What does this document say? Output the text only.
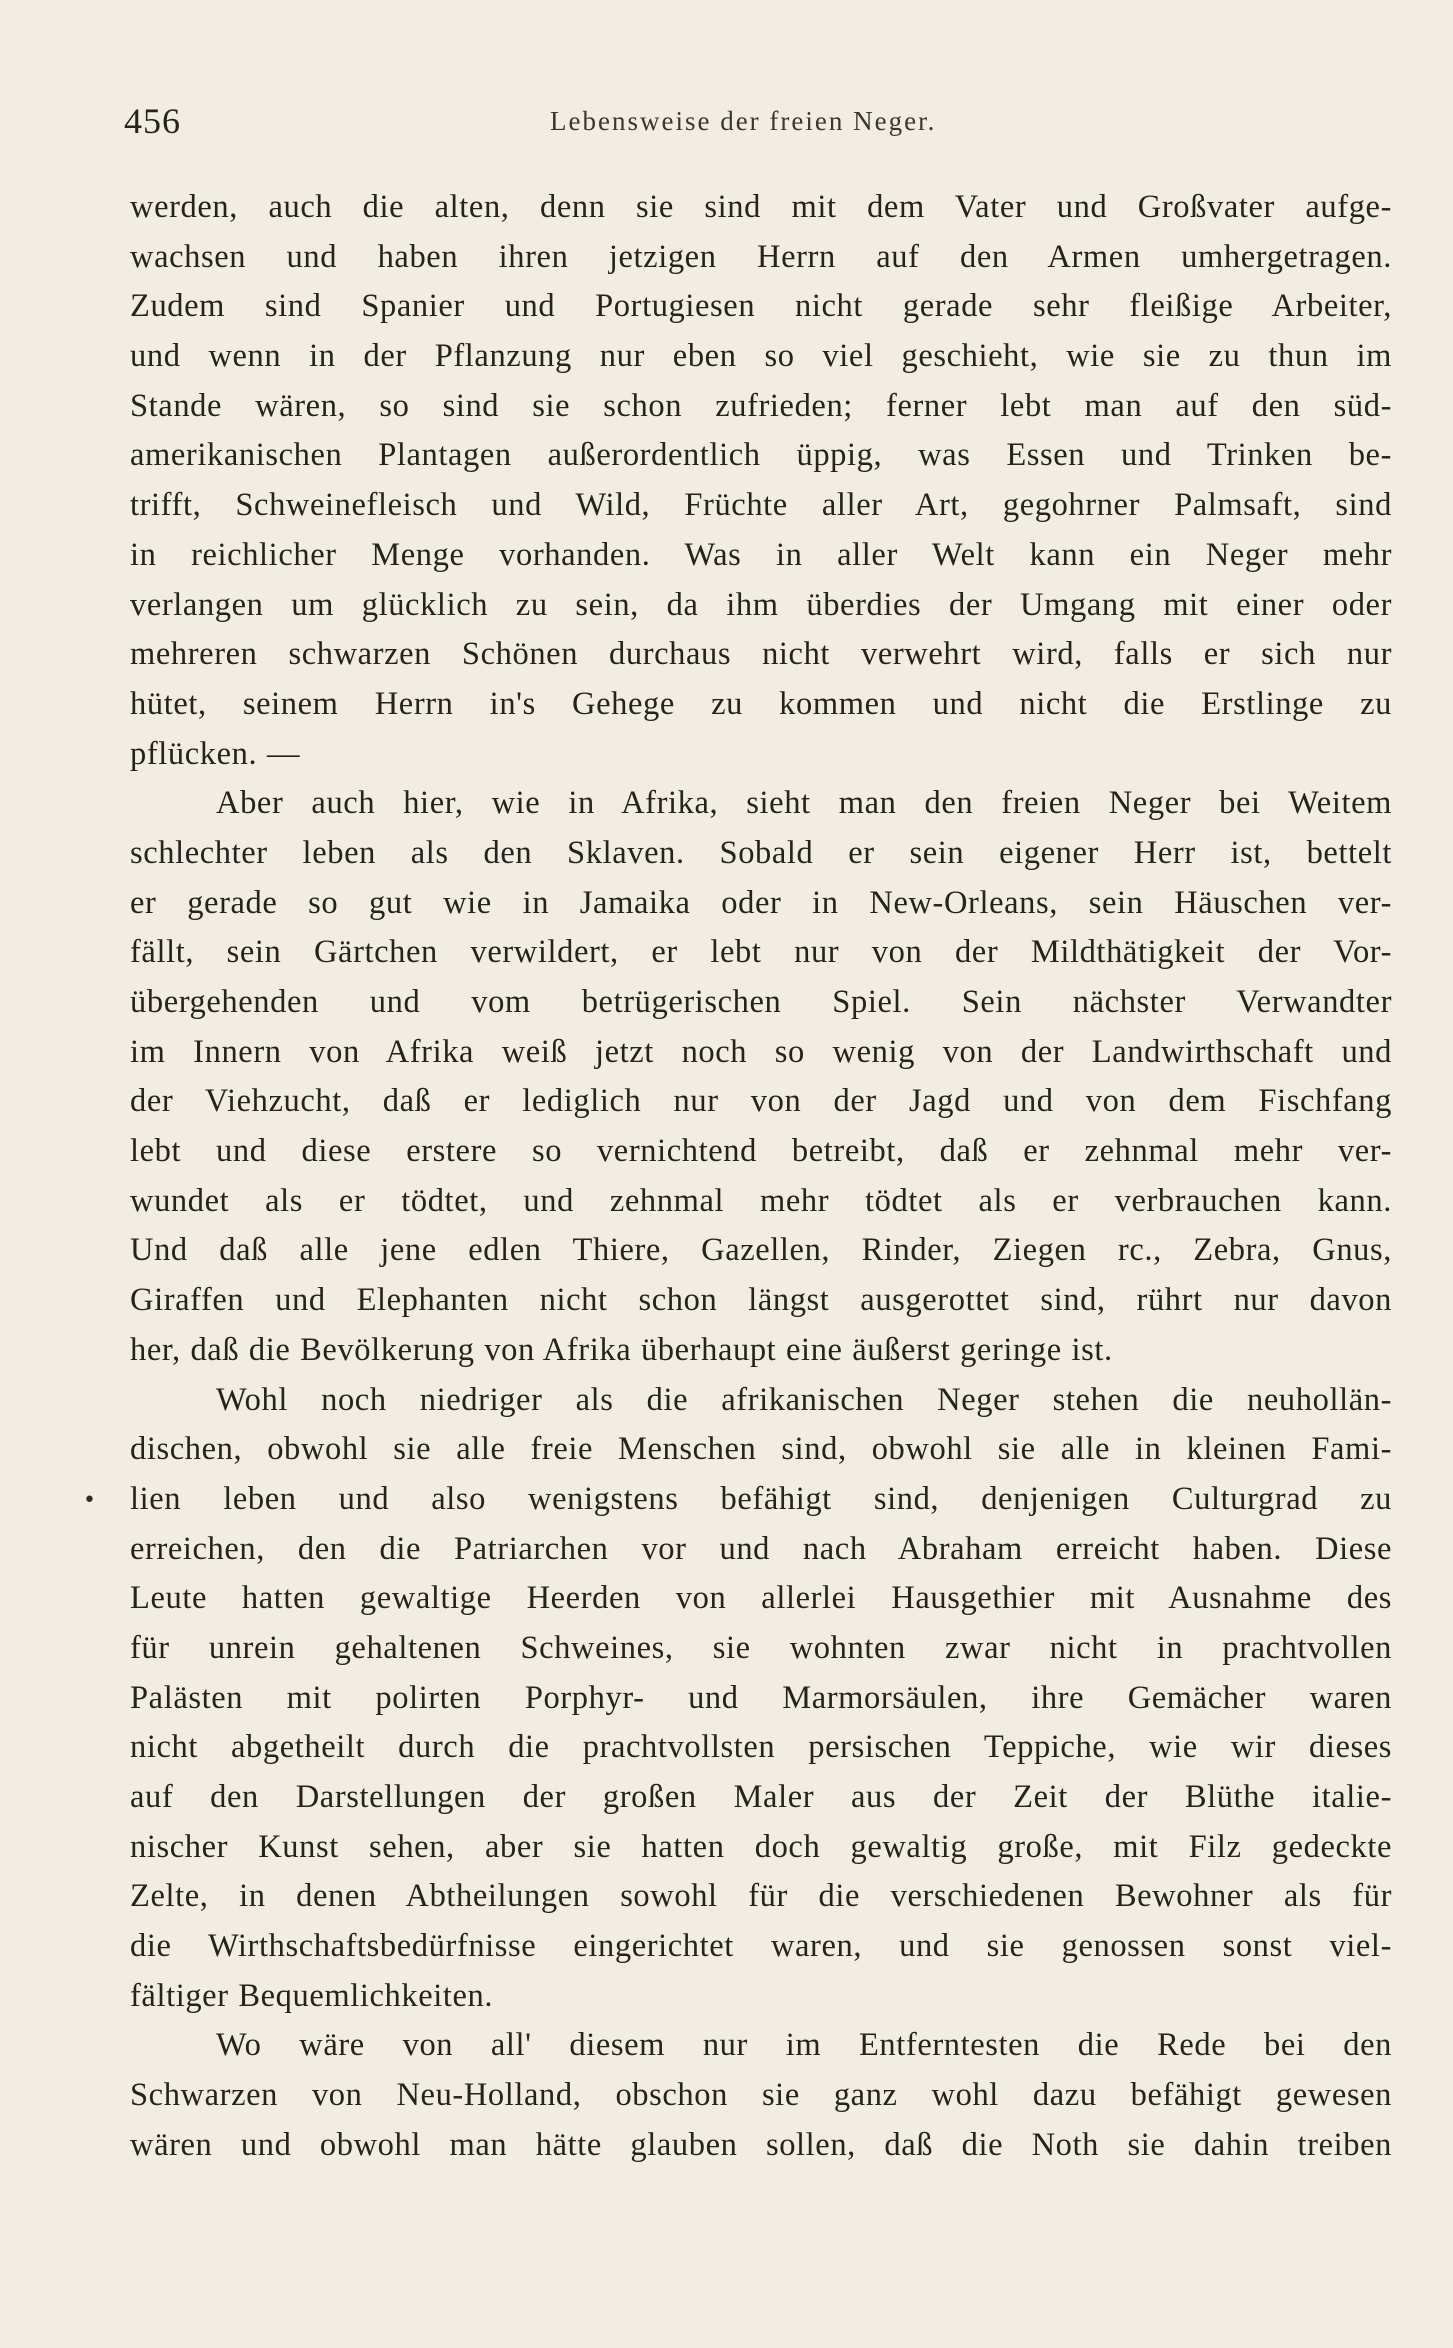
456	Lebensweise der freien Neger.
•
werden, auch die alten, denn sie sind mit dem Vater und Großvater aufge-
wachsen und haben ihren jetzigen Herrn auf den Armen umhergetragen.
Zudem sind Spanier und Portugiesen nicht gerade sehr fleißige Arbeiter,
und wenn in der Pflanzung nur eben so viel geschieht, wie sie zu thun im
Stande wären, so sind sie schon zufrieden; ferner lebt man auf den süd-
amerikanischen Plantagen außerordentlich üppig, was Essen und Trinken be-
trifft, Schweinefleisch und Wild, Früchte aller Art, gegohrner Palmsaft, sind
in reichlicher Menge vorhanden. Was in aller Welt kann ein Neger mehr
verlangen um glücklich zu sein, da ihm überdies der Umgang mit einer oder
mehreren schwarzen Schönen durchaus nicht verwehrt wird, falls er sich nur
hütet, seinem Herrn in's Gehege zu kommen und nicht die Erstlinge zu
pflücken. —
Aber auch hier, wie in Afrika, sieht man den freien Neger bei Weitem
schlechter leben als den Sklaven. Sobald er sein eigener Herr ist, bettelt
er gerade so gut wie in Jamaika oder in New-Orleans, sein Häuschen ver-
fällt, sein Gärtchen verwildert, er lebt nur von der Mildthätigkeit der Vor-
übergehenden und vom betrügerischen Spiel. Sein nächster Verwandter
im Innern von Afrika weiß jetzt noch so wenig von der Landwirthschaft und
der Viehzucht, daß er lediglich nur von der Jagd und von dem Fischfang
lebt und diese erstere so vernichtend betreibt, daß er zehnmal mehr ver-
wundet als er tödtet, und zehnmal mehr tödtet als er verbrauchen kann.
Und daß alle jene edlen Thiere, Gazellen, Rinder, Ziegen rc., Zebra, Gnus,
Giraffen und Elephanten nicht schon längst ausgerottet sind, rührt nur davon
her, daß die Bevölkerung von Afrika überhaupt eine äußerst geringe ist.
Wohl noch niedriger als die afrikanischen Neger stehen die neuhollän-
dischen, obwohl sie alle freie Menschen sind, obwohl sie alle in kleinen Fami-
lien leben und also wenigstens befähigt sind, denjenigen Culturgrad zu
erreichen, den die Patriarchen vor und nach Abraham erreicht haben. Diese
Leute hatten gewaltige Heerden von allerlei Hausgethier mit Ausnahme des
für unrein gehaltenen Schweines, sie wohnten zwar nicht in prachtvollen
Palästen mit polirten Porphyr- und Marmorsäulen, ihre Gemächer waren
nicht abgetheilt durch die prachtvollsten persischen Teppiche, wie wir dieses
auf den Darstellungen der großen Maler aus der Zeit der Blüthe italie-
nischer Kunst sehen, aber sie hatten doch gewaltig große, mit Filz gedeckte
Zelte, in denen Abtheilungen sowohl für die verschiedenen Bewohner als für
die Wirthschaftsbedürfnisse eingerichtet waren, und sie genossen sonst viel-
fältiger Bequemlichkeiten.
Wo wäre von all' diesem nur im Entferntesten die Rede bei den
Schwarzen von Neu-Holland, obschon sie ganz wohl dazu befähigt gewesen
wären und obwohl man hätte glauben sollen, daß die Noth sie dahin treiben
